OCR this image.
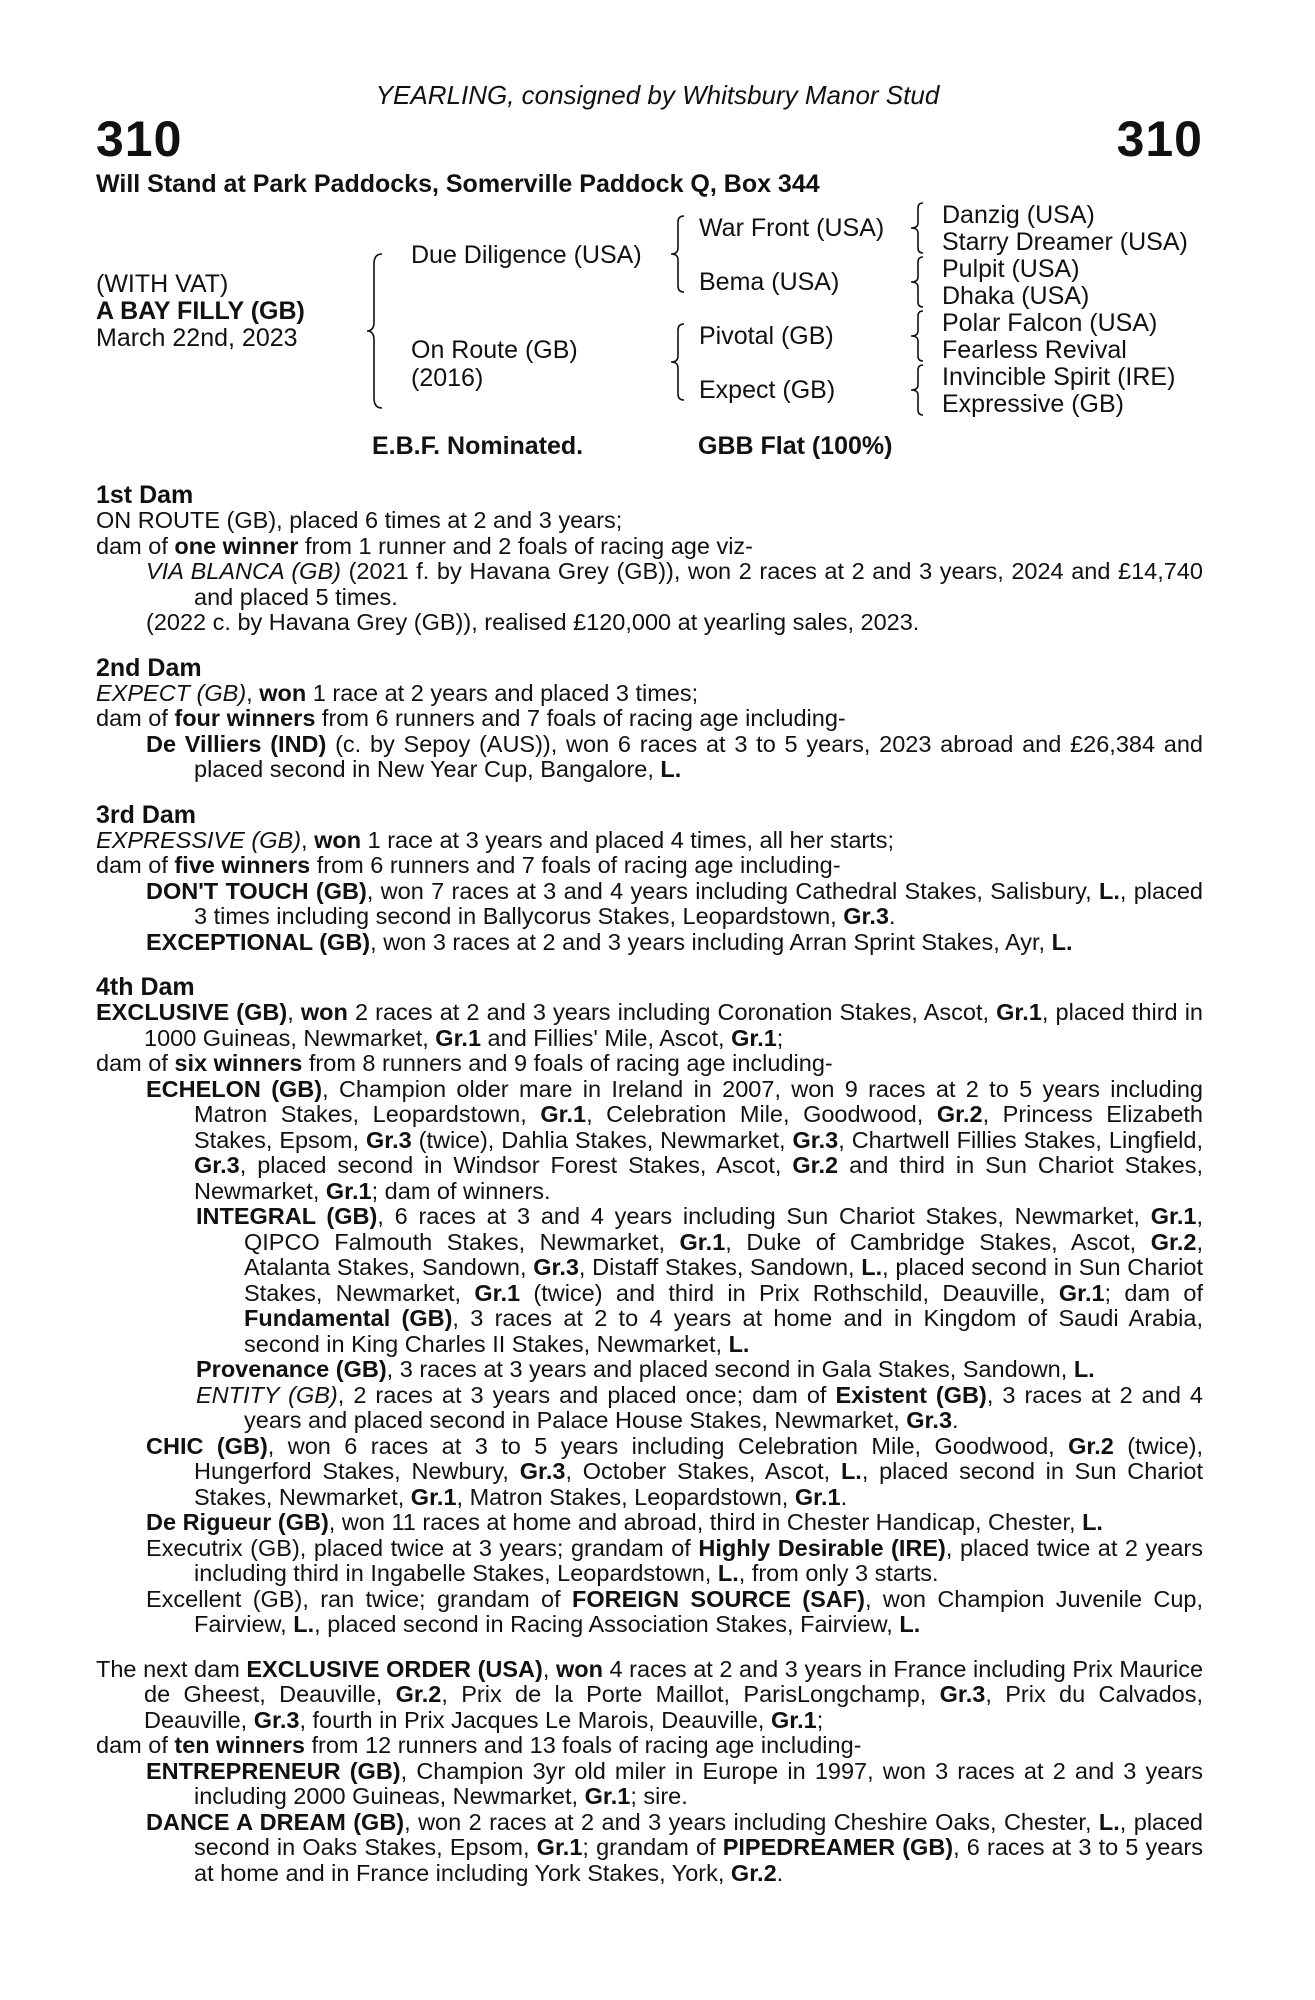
YEARLING, consigned by Whitsbury Manor Stud
310	310
Will Stand at Park Paddocks, Somerville Paddock Q, Box 344
(WITH VAT)
A BAY FILLY (GB)
March 22nd, 2023
Due Diligence (USA)
On Route (GB)
(2016)
War Front (USA)
Bema (USA)
Pivotal (GB)
Expect (GB)
Danzig (USA)
Starry Dreamer (USA)
Pulpit (USA)
Dhaka (USA)
Polar Falcon (USA)
Fearless Revival
Invincible Spirit (IRE)
Expressive (GB)
E.B.F. Nominated.	GBB Flat (100%)
1st Dam
ON ROUTE (GB), placed 6 times at 2 and 3 years;
dam of one winner from 1 runner and 2 foals of racing age viz-
VIA BLANCA (GB) (2021 f. by Havana Grey (GB)), won 2 races at 2 and 3 years, 2024 and £14,740 and placed 5 times.
(2022 c. by Havana Grey (GB)), realised £120,000 at yearling sales, 2023.
2nd Dam
EXPECT (GB), won 1 race at 2 years and placed 3 times;
dam of four winners from 6 runners and 7 foals of racing age including-
De Villiers (IND) (c. by Sepoy (AUS)), won 6 races at 3 to 5 years, 2023 abroad and £26,384 and placed second in New Year Cup, Bangalore, L.
3rd Dam
EXPRESSIVE (GB), won 1 race at 3 years and placed 4 times, all her starts;
dam of five winners from 6 runners and 7 foals of racing age including-
DON'T TOUCH (GB), won 7 races at 3 and 4 years including Cathedral Stakes, Salisbury, L., placed 3 times including second in Ballycorus Stakes, Leopardstown, Gr.3.
EXCEPTIONAL (GB), won 3 races at 2 and 3 years including Arran Sprint Stakes, Ayr, L.
4th Dam
EXCLUSIVE (GB), won 2 races at 2 and 3 years including Coronation Stakes, Ascot, Gr.1, placed third in 1000 Guineas, Newmarket, Gr.1 and Fillies' Mile, Ascot, Gr.1;
dam of six winners from 8 runners and 9 foals of racing age including-
ECHELON (GB), Champion older mare in Ireland in 2007, won 9 races at 2 to 5 years including Matron Stakes, Leopardstown, Gr.1, Celebration Mile, Goodwood, Gr.2, Princess Elizabeth Stakes, Epsom, Gr.3 (twice), Dahlia Stakes, Newmarket, Gr.3, Chartwell Fillies Stakes, Lingfield, Gr.3, placed second in Windsor Forest Stakes, Ascot, Gr.2 and third in Sun Chariot Stakes, Newmarket, Gr.1; dam of winners.
INTEGRAL (GB), 6 races at 3 and 4 years including Sun Chariot Stakes, Newmarket, Gr.1, QIPCO Falmouth Stakes, Newmarket, Gr.1, Duke of Cambridge Stakes, Ascot, Gr.2, Atalanta Stakes, Sandown, Gr.3, Distaff Stakes, Sandown, L., placed second in Sun Chariot Stakes, Newmarket, Gr.1 (twice) and third in Prix Rothschild, Deauville, Gr.1; dam of Fundamental (GB), 3 races at 2 to 4 years at home and in Kingdom of Saudi Arabia, second in King Charles II Stakes, Newmarket, L.
Provenance (GB), 3 races at 3 years and placed second in Gala Stakes, Sandown, L.
ENTITY (GB), 2 races at 3 years and placed once; dam of Existent (GB), 3 races at 2 and 4 years and placed second in Palace House Stakes, Newmarket, Gr.3.
CHIC (GB), won 6 races at 3 to 5 years including Celebration Mile, Goodwood, Gr.2 (twice), Hungerford Stakes, Newbury, Gr.3, October Stakes, Ascot, L., placed second in Sun Chariot Stakes, Newmarket, Gr.1, Matron Stakes, Leopardstown, Gr.1.
De Rigueur (GB), won 11 races at home and abroad, third in Chester Handicap, Chester, L.
Executrix (GB), placed twice at 3 years; grandam of Highly Desirable (IRE), placed twice at 2 years including third in Ingabelle Stakes, Leopardstown, L., from only 3 starts.
Excellent (GB), ran twice; grandam of FOREIGN SOURCE (SAF), won Champion Juvenile Cup, Fairview, L., placed second in Racing Association Stakes, Fairview, L.
The next dam EXCLUSIVE ORDER (USA), won 4 races at 2 and 3 years in France including Prix Maurice de Gheest, Deauville, Gr.2, Prix de la Porte Maillot, ParisLongchamp, Gr.3, Prix du Calvados, Deauville, Gr.3, fourth in Prix Jacques Le Marois, Deauville, Gr.1;
dam of ten winners from 12 runners and 13 foals of racing age including-
ENTREPRENEUR (GB), Champion 3yr old miler in Europe in 1997, won 3 races at 2 and 3 years including 2000 Guineas, Newmarket, Gr.1; sire.
DANCE A DREAM (GB), won 2 races at 2 and 3 years including Cheshire Oaks, Chester, L., placed second in Oaks Stakes, Epsom, Gr.1; grandam of PIPEDREAMER (GB), 6 races at 3 to 5 years at home and in France including York Stakes, York, Gr.2.
